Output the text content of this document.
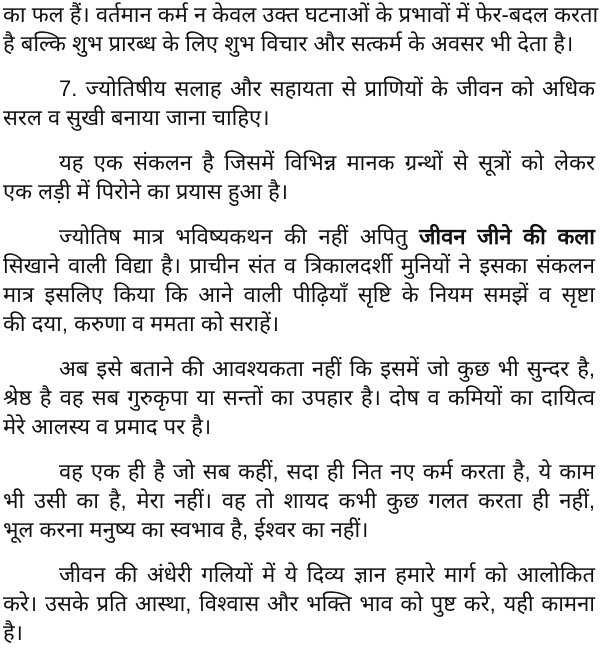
का फल हैं। वर्तमान कर्म न केवल उक्त घटनाओं के प्रभावों में फेर-बदल करता
है बल्कि शुभ प्रारब्ध के लिए शुभ विचार और सत्कर्म के अवसर भी देता है।
7. ज्योतिषीय सलाह और सहायता से प्राणियों के जीवन को अधिक
सरल व सुखी बनाया जाना चाहिए।
यह एक संकलन है जिसमें विभिन्न मानक ग्रन्थों से सूत्रों को लेकर
एक लड़ी में पिरोने का प्रयास हुआ है।
ज्योतिष मात्र भविष्यकथन की नहीं अपितु जीवन जीने की कला
सिखाने वाली विद्या है। प्राचीन संत व त्रिकालदर्शी मुनियों ने इसका संकलन
मात्र इसलिए किया कि आने वाली पीढ़ियाँ सृष्टि के नियम समझें व सृष्टा
की दया, करुणा व ममता को सराहें।
अब इसे बताने की आवश्यकता नहीं कि इसमें जो कुछ भी सुन्दर है,
श्रेष्ठ है वह सब गुरुकृपा या सन्तों का उपहार है। दोष व कमियों का दायित्व
मेरे आलस्य व प्रमाद पर है।
वह एक ही है जो सब कहीं, सदा ही नित नए कर्म करता है, ये काम
भी उसी का है, मेरा नहीं। वह तो शायद कभी कुछ गलत करता ही नहीं,
भूल करना मनुष्य का स्वभाव है, ईश्वर का नहीं।
जीवन की अंधेरी गलियों में ये दिव्य ज्ञान हमारे मार्ग को आलोकित
करे। उसके प्रति आस्था, विश्वास और भक्ति भाव को पुष्ट करे, यही कामना
है।
